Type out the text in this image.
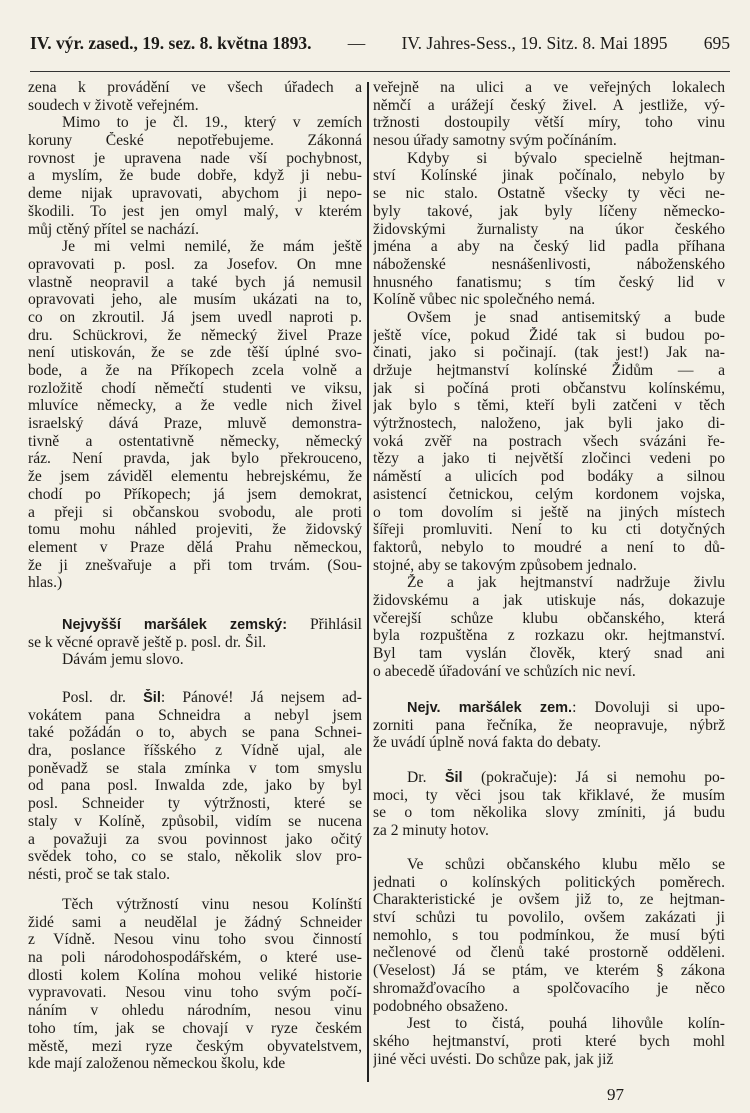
IV. výr. zased., 19. sez. 8. května 1893. — IV. Jahres-Sess., 19. Sitz. 8. Mai 1895 695
zena k provádění ve všech úřadech a
soudech v životě veřejném.
Mimo to je čl. 19., který v zemích
koruny České nepotřebujeme. Zákonná
rovnost je upravena nade vší pochybnost,
a myslím, že bude dobře, když ji nebu-
deme nijak upravovati, abychom ji nepo-
škodili. To jest jen omyl malý, v kterém
můj ctěný přítel se nachází.
Je mi velmi nemilé, že mám ještě
opravovati p. posl. za Josefov. On mne
vlastně neopravil a také bych já nemusil
opravovati jeho, ale musím ukázati na to,
co on zkroutil. Já jsem uvedl naproti p.
dru. Schückrovi, že německý živel Praze
není utiskován, že se zde těší úplné svo-
bode, a že na Příkopech zcela volně a
rozložitě chodí němečtí studenti ve viksu,
mluvíce německy, a že vedle nich živel
israelský dává Praze, mluvě demonstra-
tivně a ostentativně německy, německý
ráz. Není pravda, jak bylo překrouceno,
že jsem záviděl elementu hebrejskému, že
chodí po Příkopech; já jsem demokrat,
a přeji si občanskou svobodu, ale proti
tomu mohu náhled projeviti, že židovský
element v Praze dělá Prahu německou,
že ji znešvařuje a při tom trvám. (Sou-
hlas.)
Nejvyšší maršálek zemský: Přihlásil
se k věcné opravě ještě p. posl. dr. Šil.
Dávám jemu slovo.
Posl. dr. Šil: Pánové! Já nejsem ad-
vokátem pana Schneidra a nebyl jsem
také požádán o to, abych se pana Schnei-
dra, poslance říšského z Vídně ujal, ale
poněvadž se stala zmínka v tom smyslu
od pana posl. Inwalda zde, jako by byl
posl. Schneider ty výtržnosti, které se
staly v Kolíně, způsobil, vidím se nucena
a považuji za svou povinnost jako očitý
svědek toho, co se stalo, několik slov pro-
nésti, proč se tak stalo.
Těch výtržností vinu nesou Kolínští
židé sami a neudělal je žádný Schneider
z Vídně. Nesou vinu toho svou činností
na poli národohospodářském, o které use-
dlosti kolem Kolína mohou veliké historie
vypravovati. Nesou vinu toho svým počí-
náním v ohledu národním, nesou vinu
toho tím, jak se chovají v ryze českém
městě, mezi ryze českým obyvatelstvem,
kde mají založenou německou školu, kde
veřejně na ulici a ve veřejných lokalech
němčí a urážejí český živel. A jestliže, vý-
tržnosti dostoupily větší míry, toho vinu
nesou úřady samotny svým počínáním.
Kdyby si bývalo specielně hejtman-
ství Kolínské jinak počínalo, nebylo by
se nic stalo. Ostatně všecky ty věci ne-
byly takové, jak byly líčeny německo-
židovskými žurnalisty na úkor českého
jména a aby na český lid padla příhana
náboženské nesnášenlivosti, náboženského
hnusného fanatismu; s tím český lid v
Kolíně vůbec nic společného nemá.
Ovšem je snad antisemitský a bude
ještě více, pokud Židé tak si budou po-
činati, jako si počinají. (tak jest!) Jak na-
držuje hejtmanství kolínské Židům — a
jak si počíná proti občanstvu kolínskému,
jak bylo s těmi, kteří byli zatčeni v těch
výtržnostech, naloženo, jak byli jako di-
voká zvěř na postrach všech svázáni ře-
tězy a jako ti největší zločinci vedeni po
náměstí a ulicích pod bodáky a silnou
asistencí četnickou, celým kordonem vojska,
o tom dovolím si ještě na jiných místech
šířeji promluviti. Není to ku cti dotyčných
faktorů, nebylo to moudré a není to dů-
stojné, aby se takovým způsobem jednalo.
Že a jak hejtmanství nadržuje živlu
židovskému a jak utiskuje nás, dokazuje
včerejší schůze klubu občanského, která
byla rozpuštěna z rozkazu okr. hejtmanství.
Byl tam vyslán člověk, který snad ani
o abecedě úřadování ve schůzích nic neví.
Nejv. maršálek zem.: Dovoluji si upo-
zorniti pana řečníka, že neopravuje, nýbrž
že uvádí úplně nová fakta do debaty.
Dr. Šil (pokračuje): Já si nemohu po-
moci, ty věci jsou tak křiklavé, že musím
se o tom několika slovy zmíniti, já budu
za 2 minuty hotov.
Ve schůzi občanského klubu mělo se
jednati o kolínských politických poměrech.
Charakteristické je ovšem již to, ze hejtman-
ství schůzi tu povolilo, ovšem zakázati ji
nemohlo, s tou podmínkou, že musí býti
nečlenové od členů také prostorně odděleni.
(Veselost) Já se ptám, ve kterém § zákona
shromažďovacího a spolčovacího je něco
podobného obsaženo.
Jest to čistá, pouhá lihovůle kolín-
ského hejtmanství, proti které bych mohl
jiné věci uvésti. Do schůze pak, jak již
97
